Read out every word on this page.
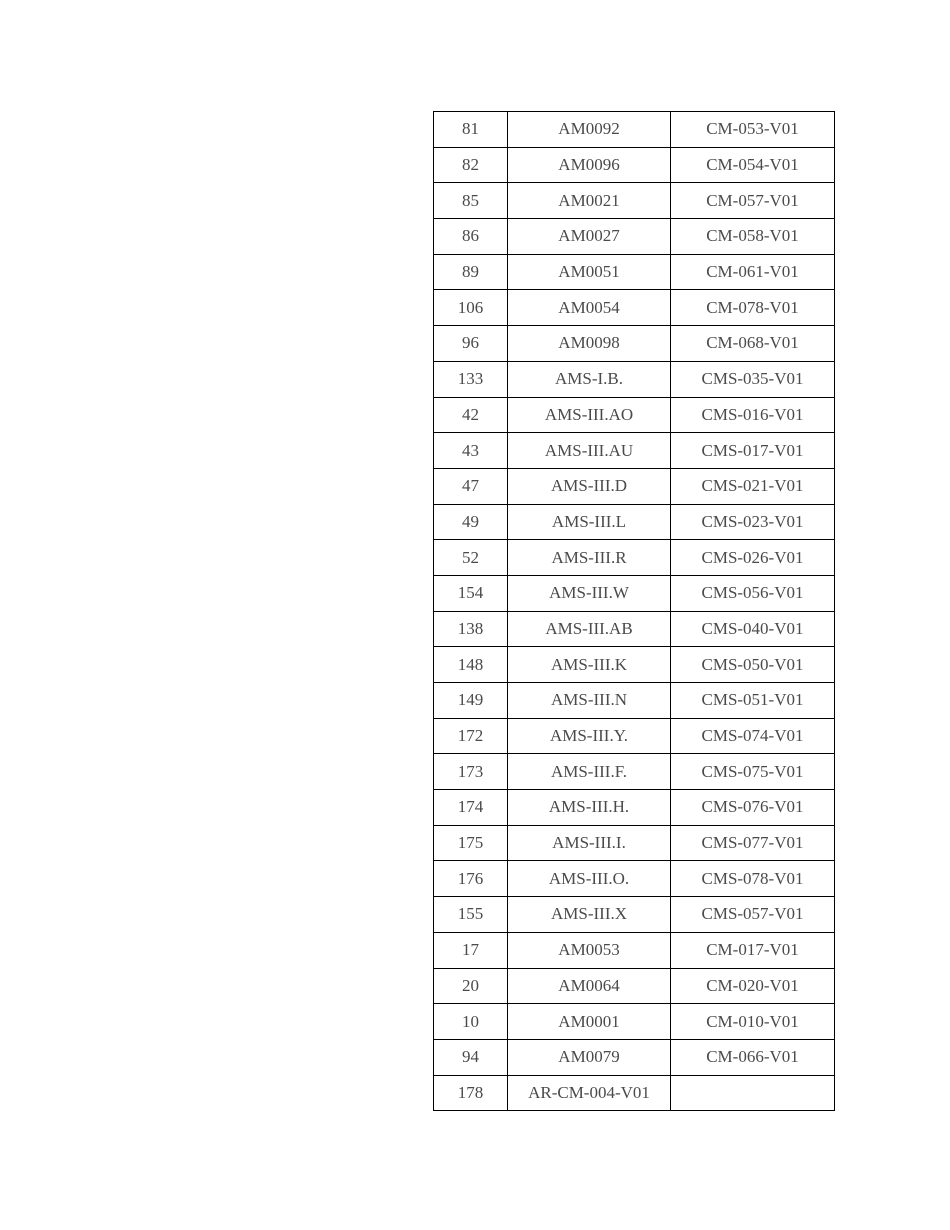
81	AM0092	CM-053-V01
82	AM0096	CM-054-V01
85	AM0021	CM-057-V01
86	AM0027	CM-058-V01
89	AM0051	CM-061-V01
106	AM0054	CM-078-V01
96	AM0098	CM-068-V01
133	AMS-I.B.	CMS-035-V01
42	AMS-III.AO	CMS-016-V01
43	AMS-III.AU	CMS-017-V01
47	AMS-III.D	CMS-021-V01
49	AMS-III.L	CMS-023-V01
52	AMS-III.R	CMS-026-V01
154	AMS-III.W	CMS-056-V01
138	AMS-III.AB	CMS-040-V01
148	AMS-III.K	CMS-050-V01
149	AMS-III.N	CMS-051-V01
172	AMS-III.Y.	CMS-074-V01
173	AMS-III.F.	CMS-075-V01
174	AMS-III.H.	CMS-076-V01
175	AMS-III.I.	CMS-077-V01
176	AMS-III.O.	CMS-078-V01
155	AMS-III.X	CMS-057-V01
17	AM0053	CM-017-V01
20	AM0064	CM-020-V01
10	AM0001	CM-010-V01
94	AM0079	CM-066-V01
178	AR-CM-004-V01	
